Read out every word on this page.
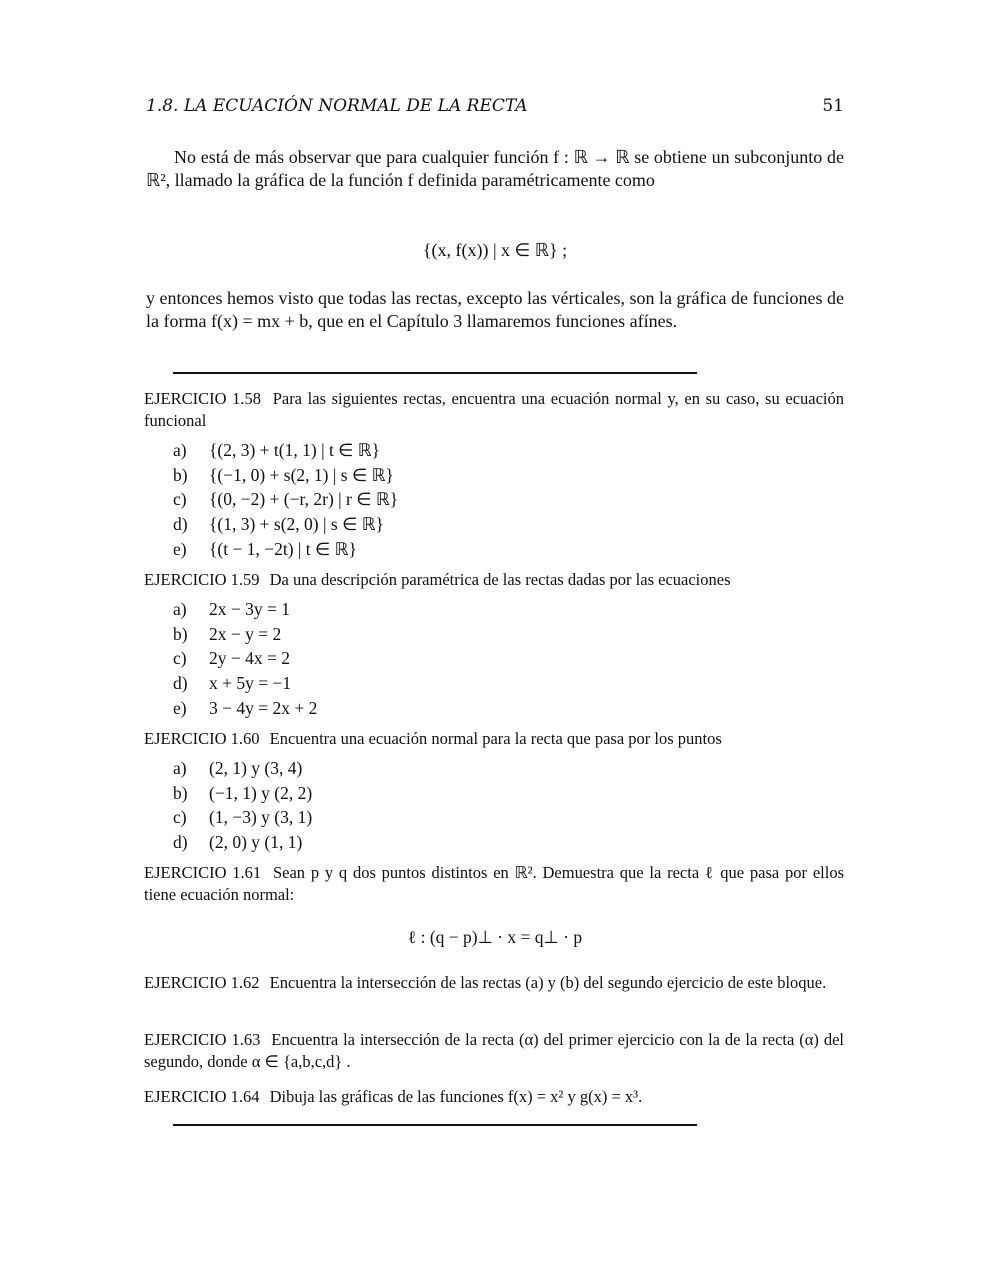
1.8. LA ECUACIÓN NORMAL DE LA RECTA	51
No está de más observar que para cualquier función f : ℝ → ℝ se obtiene un subconjunto de ℝ², llamado la gráfica de la función f definida paramétricamente como
{(x, f(x)) | x ∈ ℝ} ;
y entonces hemos visto que todas las rectas, excepto las vérticales, son la gráfica de funciones de la forma f(x) = mx + b, que en el Capítulo 3 llamaremos funciones afínes.
EJERCICIO 1.58 Para las siguientes rectas, encuentra una ecuación normal y, en su caso, su ecuación funcional
a) {(2, 3) + t(1, 1) | t ∈ ℝ}
b) {(−1, 0) + s(2, 1) | s ∈ ℝ}
c) {(0, −2) + (−r, 2r) | r ∈ ℝ}
d) {(1, 3) + s(2, 0) | s ∈ ℝ}
e) {(t − 1, −2t) | t ∈ ℝ}
EJERCICIO 1.59 Da una descripción paramétrica de las rectas dadas por las ecuaciones
a) 2x − 3y = 1
b) 2x − y = 2
c) 2y − 4x = 2
d) x + 5y = −1
e) 3 − 4y = 2x + 2
EJERCICIO 1.60 Encuentra una ecuación normal para la recta que pasa por los puntos
a) (2, 1) y (3, 4)
b) (−1, 1) y (2, 2)
c) (1, −3) y (3, 1)
d) (2, 0) y (1, 1)
EJERCICIO 1.61 Sean p y q dos puntos distintos en ℝ². Demuestra que la recta ℓ que pasa por ellos tiene ecuación normal:
ℓ : (q − p)⊥ · x = q⊥ · p
EJERCICIO 1.62 Encuentra la intersección de las rectas (a) y (b) del segundo ejercicio de este bloque.
EJERCICIO 1.63 Encuentra la intersección de la recta (α) del primer ejercicio con la de la recta (α) del segundo, donde α ∈ {a,b,c,d} .
EJERCICIO 1.64 Dibuja las gráficas de las funciones f(x) = x² y g(x) = x³.
